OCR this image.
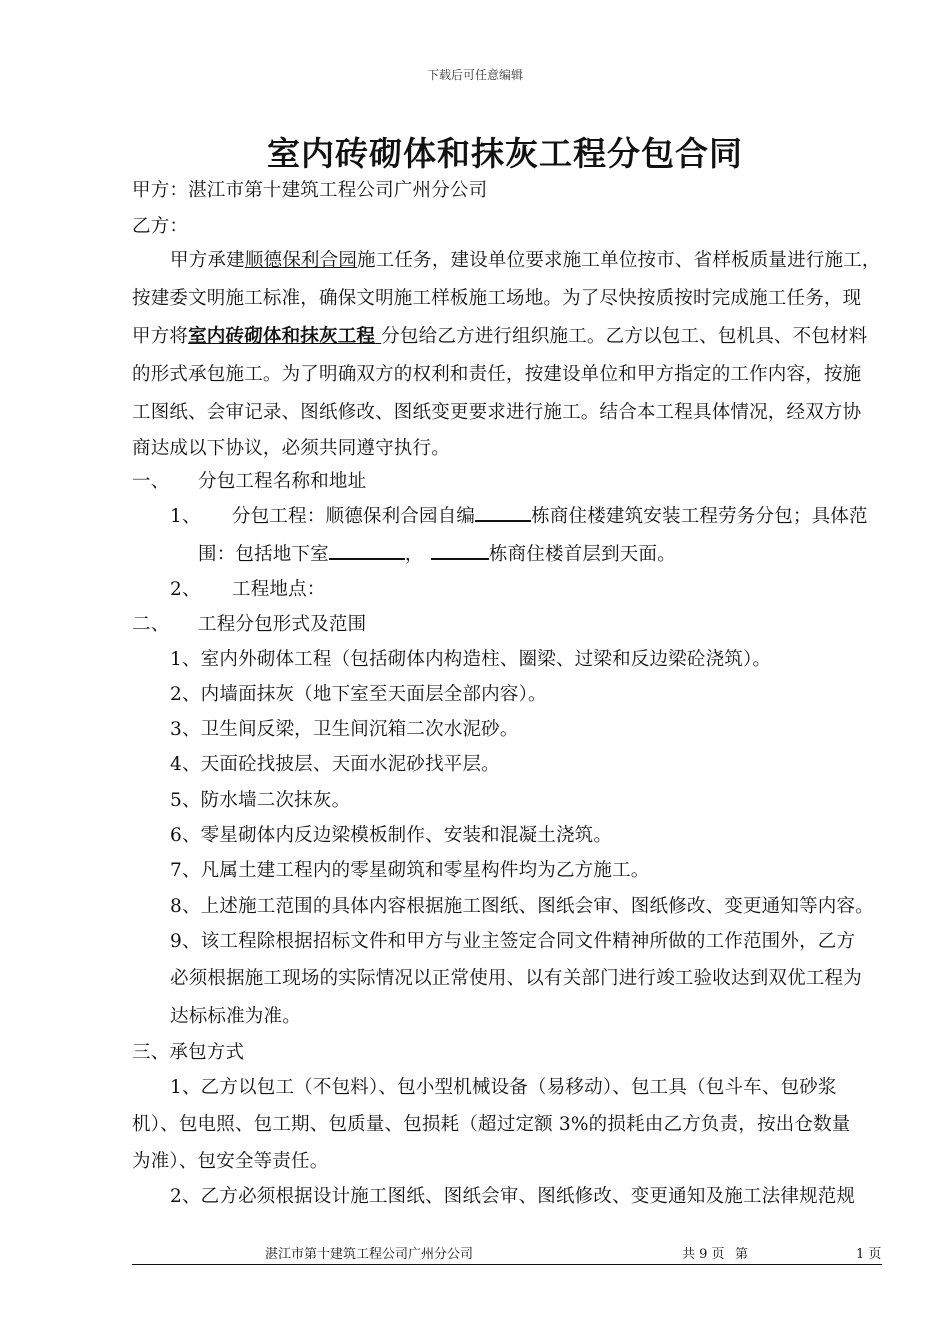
下载后可任意编辑
室内砖砌体和抹灰工程分包合同
甲方：湛江市第十建筑工程公司广州分公司
乙方：
甲方承建顺德保利合园施工任务，建设单位要求施工单位按市、省样板质量进行施工，
按建委文明施工标准，确保文明施工样板施工场地。为了尽快按质按时完成施工任务，现
甲方将室内砖砌体和抹灰工程 分包给乙方进行组织施工。乙方以包工、包机具、不包材料
的形式承包施工。为了明确双方的权利和责任，按建设单位和甲方指定的工作内容，按施
工图纸、会审记录、图纸修改、图纸变更要求进行施工。结合本工程具体情况，经双方协
商达成以下协议，必须共同遵守执行。
一、 分包工程名称和地址
1、 分包工程：顺德保利合园自编	栋商住楼建筑安装工程劳务分包；具体范
围：包括地下室	，	栋商住楼首层到天面。
2、 工程地点：
二、 工程分包形式及范围
1、室内外砌体工程（包括砌体内构造柱、圈梁、过梁和反边梁砼浇筑）。
2、内墙面抹灰（地下室至天面层全部内容）。
3、卫生间反梁，卫生间沉箱二次水泥砂。
4、天面砼找披层、天面水泥砂找平层。
5、防水墙二次抹灰。
6、零星砌体内反边梁模板制作、安装和混凝土浇筑。
7、凡属土建工程内的零星砌筑和零星构件均为乙方施工。
8、上述施工范围的具体内容根据施工图纸、图纸会审、图纸修改、变更通知等内容。
9、该工程除根据招标文件和甲方与业主签定合同文件精神所做的工作范围外，乙方
必须根据施工现场的实际情况以正常使用、以有关部门进行竣工验收达到双优工程为
达标标准为准。
三、承包方式
1、乙方以包工（不包料）、包小型机械设备（易移动）、包工具（包斗车、包砂浆
机）、包电照、包工期、包质量、包损耗（超过定额 3%的损耗由乙方负责，按出仓数量
为准）、包安全等责任。
2、乙方必须根据设计施工图纸、图纸会审、图纸修改、变更通知及施工法律规范规
湛江市第十建筑工程公司广州分公司	共 9 页 第	1 页
